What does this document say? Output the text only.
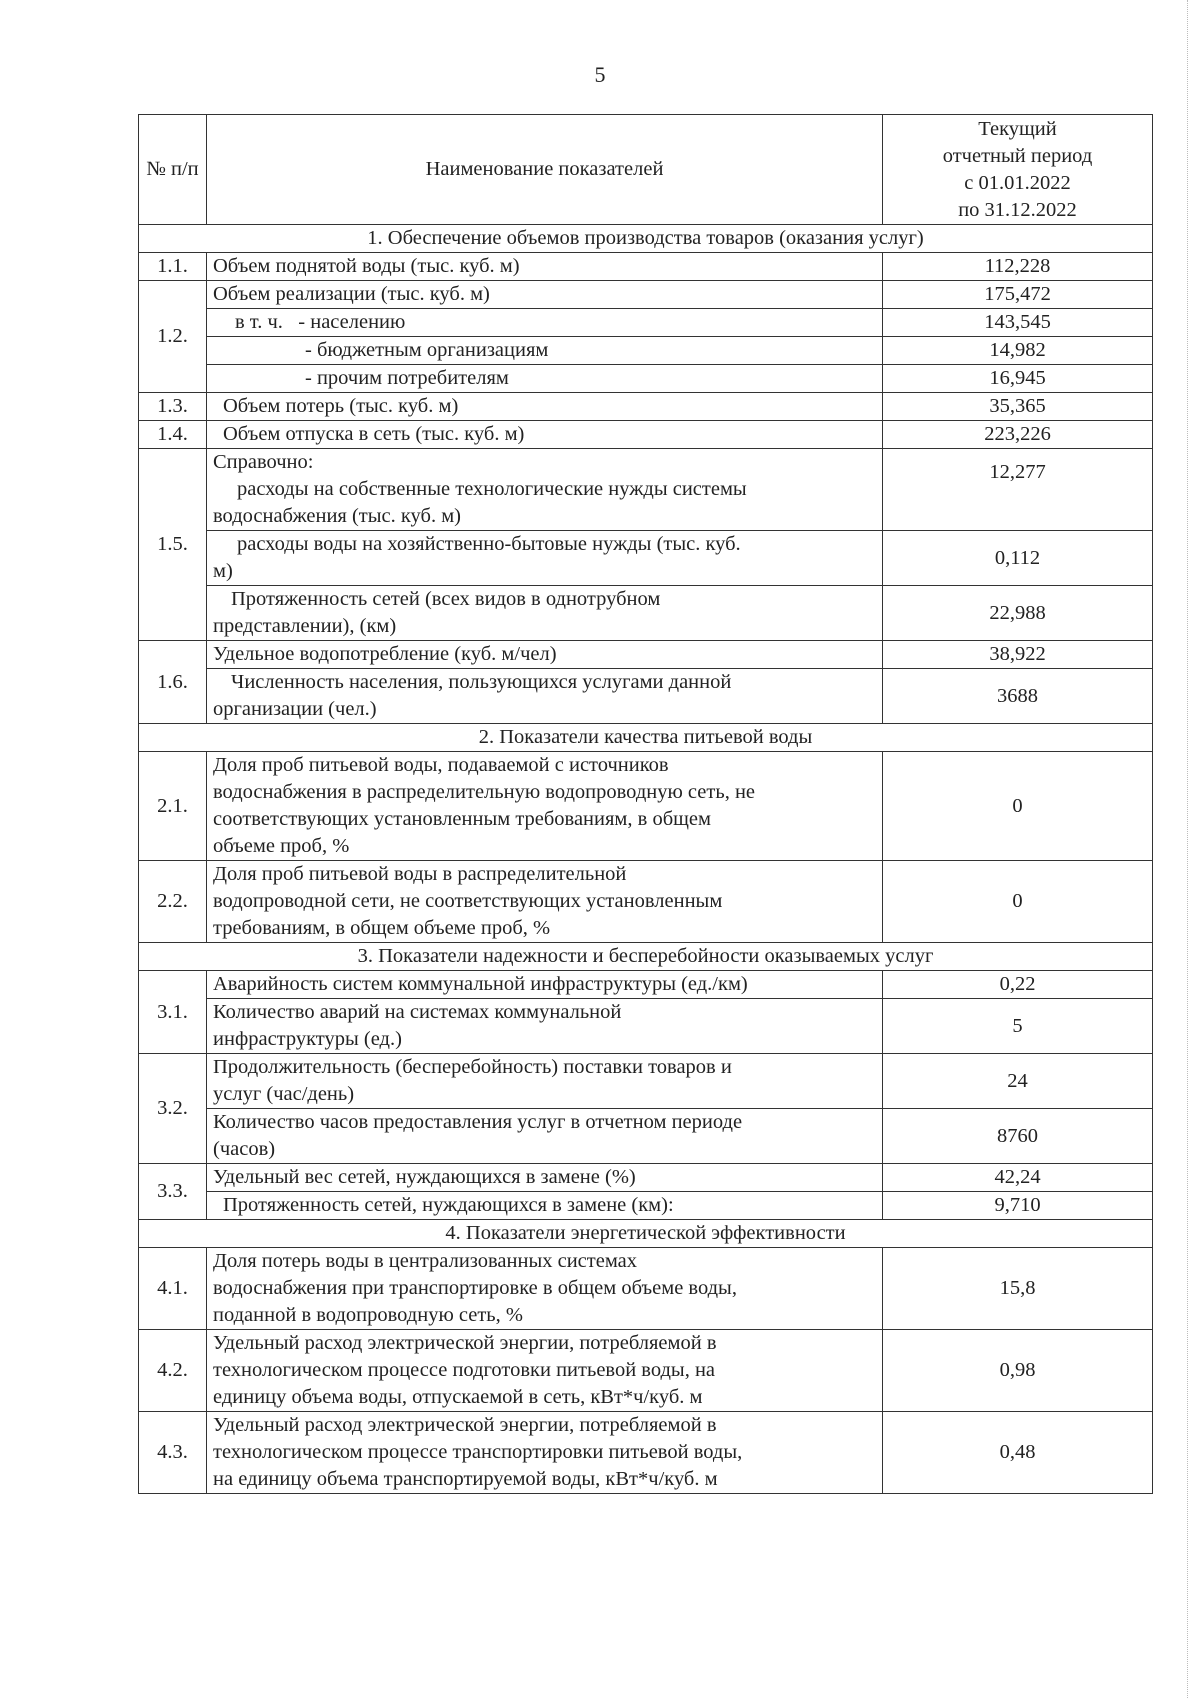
5
№ п/п	Наименование показателей	Текущий
отчетный период
с 01.01.2022
по 31.12.2022

1. Обеспечение объемов производства товаров (оказания услуг)		
1.1.	Объем поднятой воды (тыс. куб. м)	112,228
1.2.	Объем реализации (тыс. куб. м)	175,472
	в т. ч.   - населению	143,545
	- бюджетным организациям	14,982
	- прочим потребителям	16,945
1.3.	Объем потерь (тыс. куб. м)	35,365
1.4.	Объем отпуска в сеть (тыс. куб. м)	223,226
1.5.	Справочно:
расходы на собственные технологические нужды системы
водоснабжения (тыс. куб. м)	12,277

	расходы воды на хозяйственно-бытовые нужды (тыс. куб.
м)	0,112

	Протяженность сетей (всех видов в однотрубном
представлении), (км)	22,988
1.6.	Удельное водопотребление (куб. м/чел)	38,922

	Численность населения, пользующихся услугами данной
организации (чел.)	3688
2. Показатели качества питьевой воды		
2.1.	Доля проб питьевой воды, подаваемой с источников
водоснабжения в распределительную водопроводную сеть, не
соответствующих установленным требованиям, в общем
объеме проб, %	0
2.2.	Доля проб питьевой воды в распределительной
водопроводной сети, не соответствующих установленным
требованиям, в общем объеме проб, %	0
3. Показатели надежности и бесперебойности оказываемых услуг		
3.1.	Аварийность систем коммунальной инфраструктуры (ед./км)	0,22

	Количество аварий на системах коммунальной
инфраструктуры (ед.)	5
3.2.	Продолжительность (бесперебойность) поставки товаров и
услуг (час/день)	24

	Количество часов предоставления услуг в отчетном периоде
(часов)	8760
3.3.	Удельный вес сетей, нуждающихся в замене (%)	42,24
	Протяженность сетей, нуждающихся в замене (км):	9,710
4. Показатели энергетической эффективности		
4.1.	Доля потерь воды в централизованных системах
водоснабжения при транспортировке в общем объеме воды,
поданной в водопроводную сеть, %	15,8
4.2.	Удельный расход электрической энергии, потребляемой в
технологическом процессе подготовки питьевой воды, на
единицу объема воды, отпускаемой в сеть, кВт*ч/куб. м	0,98
4.3.	Удельный расход электрической энергии, потребляемой в
технологическом процессе транспортировки питьевой воды,
на единицу объема транспортируемой воды, кВт*ч/куб. м	0,48
